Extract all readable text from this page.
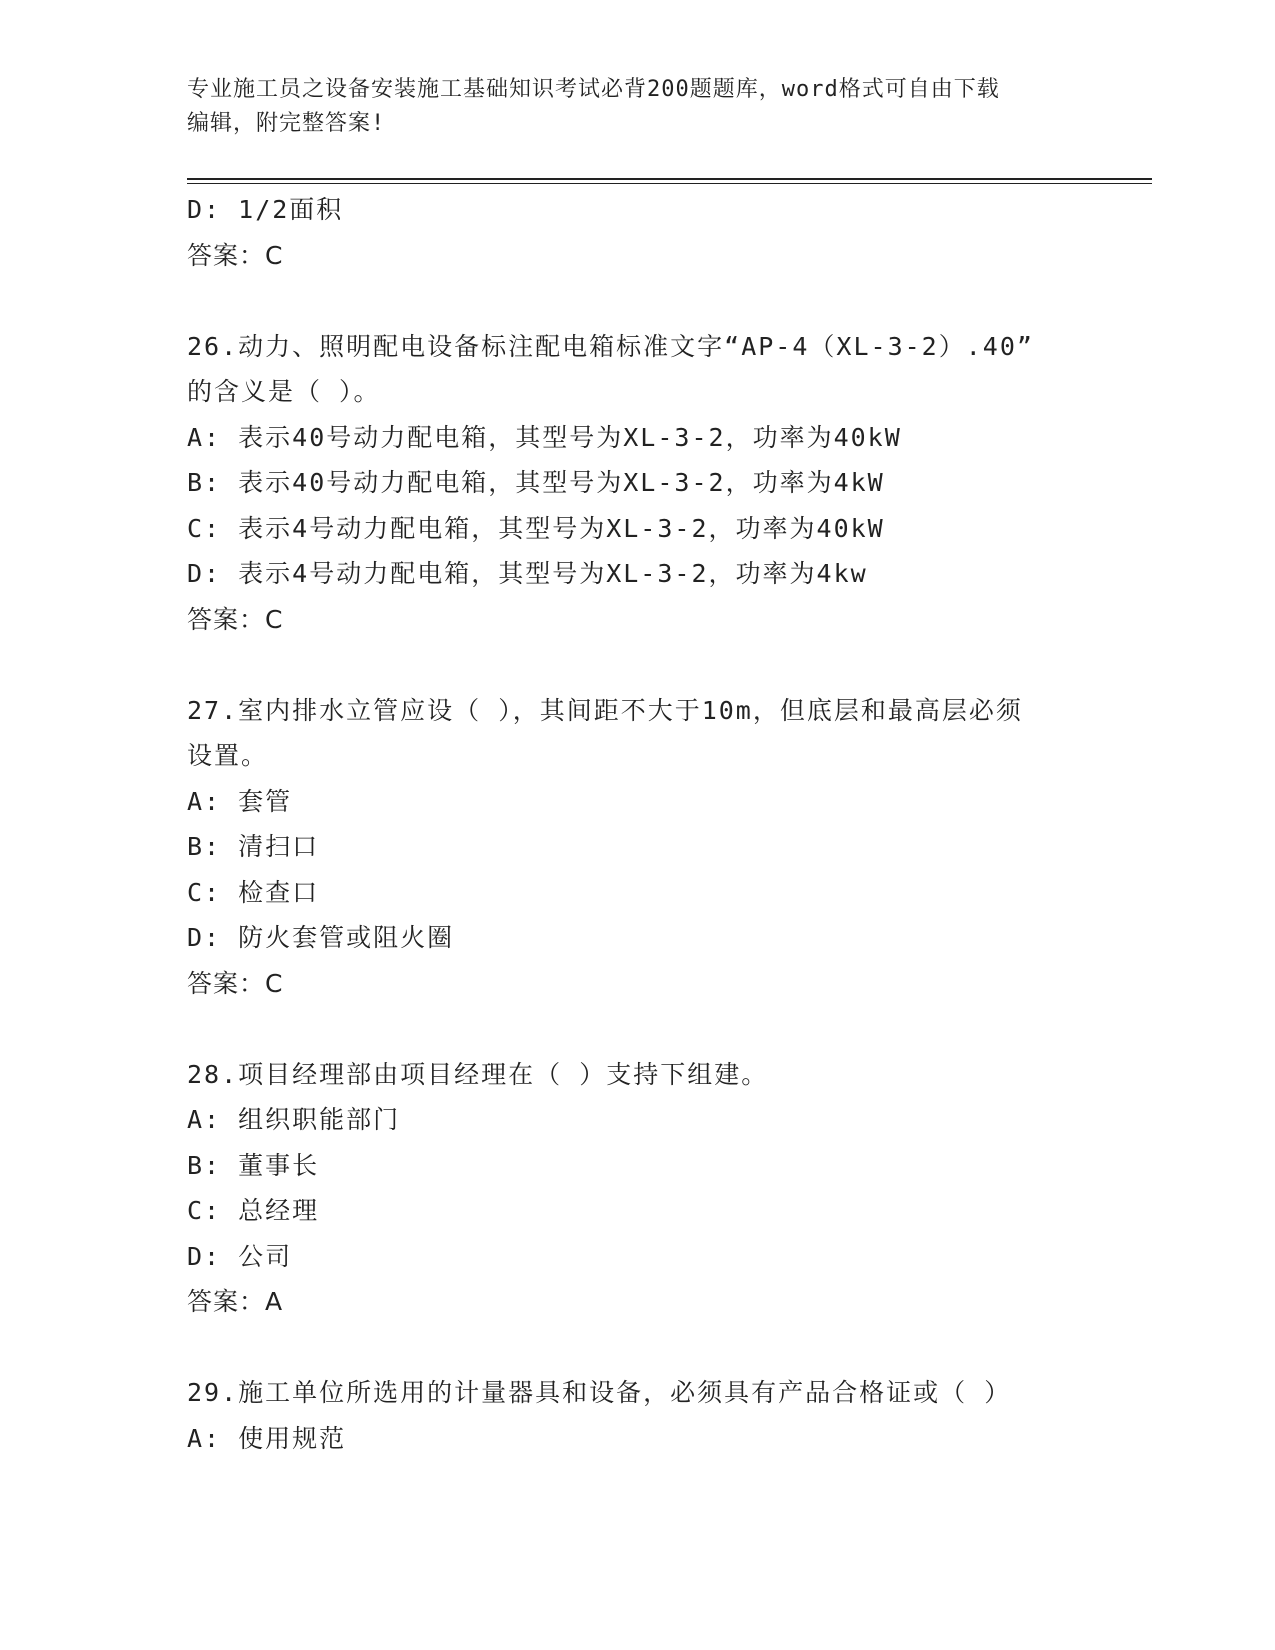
专业施工员之设备安装施工基础知识考试必背200题题库，word格式可自由下载
编辑，附完整答案!
D: 1/2面积
答案：C
26.动力、照明配电设备标注配电箱标准文字“AP-4（XL-3-2）.40”
的含义是（ ）。
A: 表示40号动力配电箱，其型号为XL-3-2，功率为40kW
B: 表示40号动力配电箱，其型号为XL-3-2，功率为4kW
C: 表示4号动力配电箱，其型号为XL-3-2，功率为40kW
D: 表示4号动力配电箱，其型号为XL-3-2，功率为4kw
答案：C
27.室内排水立管应设（ ），其间距不大于10m，但底层和最高层必须
设置。
A: 套管
B: 清扫口
C: 检查口
D: 防火套管或阻火圈
答案：C
28.项目经理部由项目经理在（ ）支持下组建。
A: 组织职能部门
B: 董事长
C: 总经理
D: 公司
答案：A
29.施工单位所选用的计量器具和设备，必须具有产品合格证或（ ）
A: 使用规范
